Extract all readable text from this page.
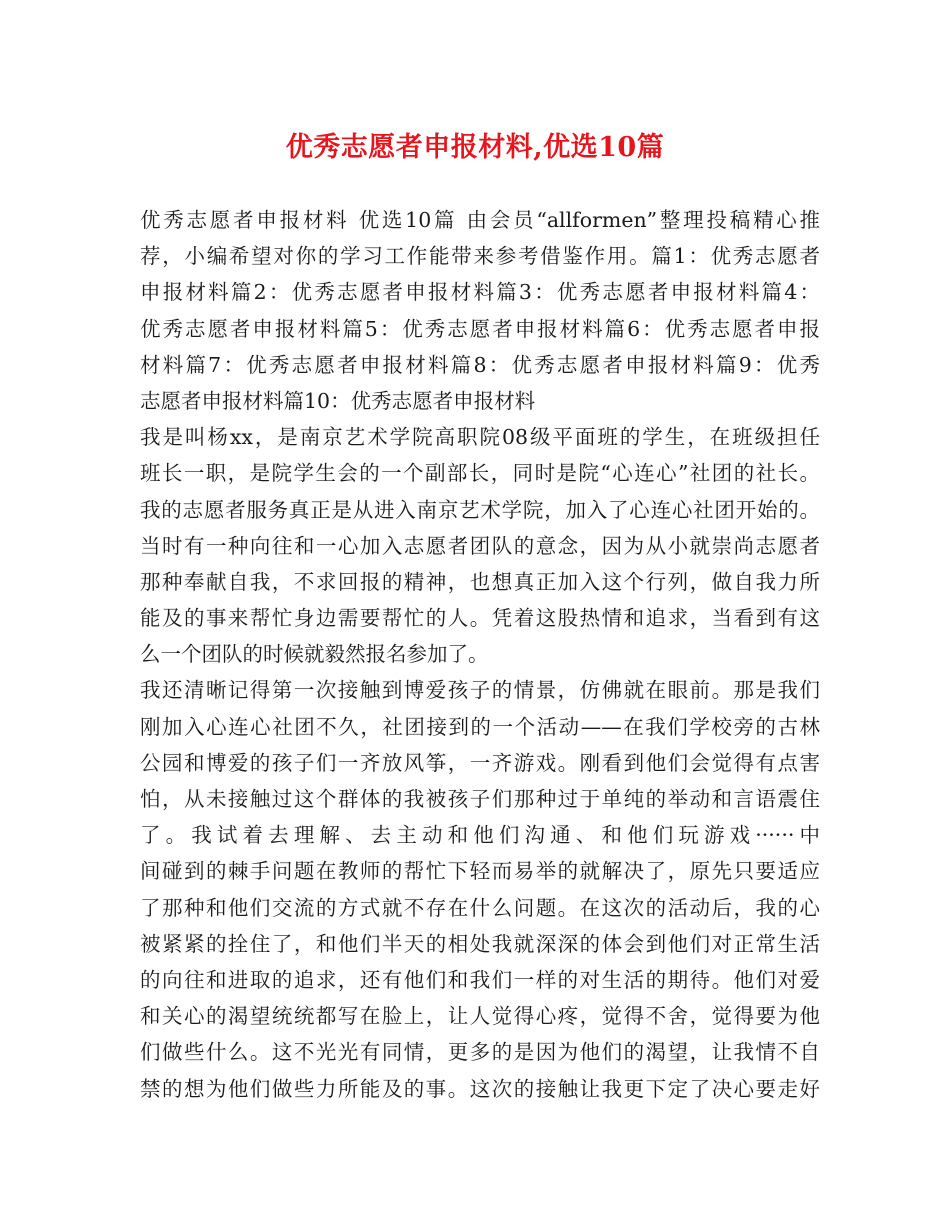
优秀志愿者申报材料,优选10篇
优秀志愿者申报材料 优选10篇 由会员“allformen”整理投稿精心推
荐，小编希望对你的学习工作能带来参考借鉴作用。篇1：优秀志愿者
申报材料篇2：优秀志愿者申报材料篇3：优秀志愿者申报材料篇4：
优秀志愿者申报材料篇5：优秀志愿者申报材料篇6：优秀志愿者申报
材料篇7：优秀志愿者申报材料篇8：优秀志愿者申报材料篇9：优秀
志愿者申报材料篇10：优秀志愿者申报材料
我是叫杨xx，是南京艺术学院高职院08级平面班的学生，在班级担任
班长一职，是院学生会的一个副部长，同时是院“心连心”社团的社长。
我的志愿者服务真正是从进入南京艺术学院，加入了心连心社团开始的。
当时有一种向往和一心加入志愿者团队的意念，因为从小就崇尚志愿者
那种奉献自我，不求回报的精神，也想真正加入这个行列，做自我力所
能及的事来帮忙身边需要帮忙的人。凭着这股热情和追求，当看到有这
么一个团队的时候就毅然报名参加了。
我还清晰记得第一次接触到博爱孩子的情景，仿佛就在眼前。那是我们
刚加入心连心社团不久，社团接到的一个活动——在我们学校旁的古林
公园和博爱的孩子们一齐放风筝，一齐游戏。刚看到他们会觉得有点害
怕，从未接触过这个群体的我被孩子们那种过于单纯的举动和言语震住
了。我试着去理解、去主动和他们沟通、和他们玩游戏······中
间碰到的棘手问题在教师的帮忙下轻而易举的就解决了，原先只要适应
了那种和他们交流的方式就不存在什么问题。在这次的活动后，我的心
被紧紧的拴住了，和他们半天的相处我就深深的体会到他们对正常生活
的向往和进取的追求，还有他们和我们一样的对生活的期待。他们对爱
和关心的渴望统统都写在脸上，让人觉得心疼，觉得不舍，觉得要为他
们做些什么。这不光光有同情，更多的是因为他们的渴望，让我情不自
禁的想为他们做些力所能及的事。这次的接触让我更下定了决心要走好
